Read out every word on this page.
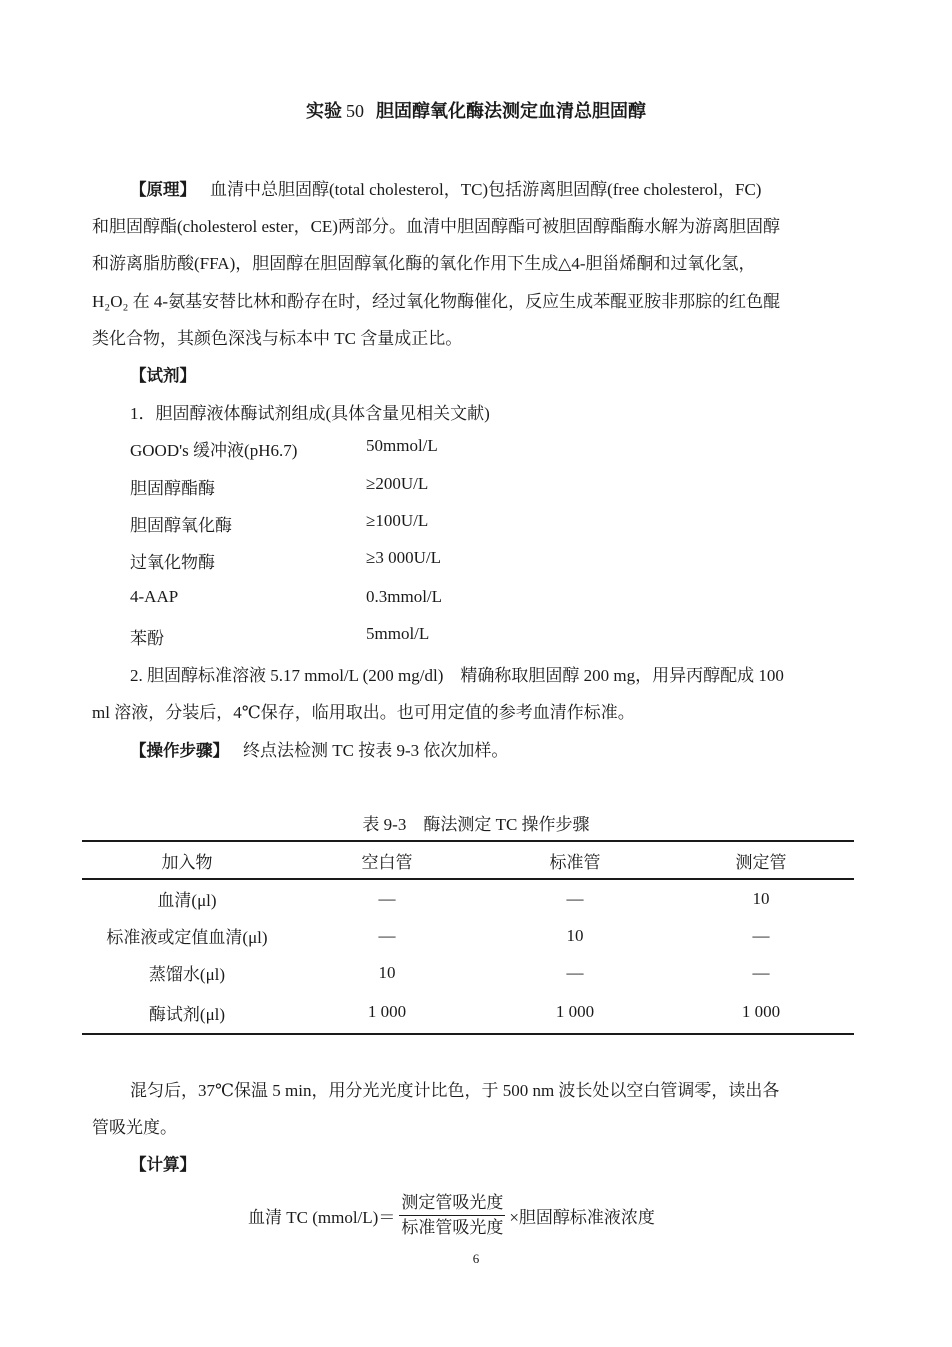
实验 50 胆固醇氧化酶法测定血清总胆固醇
【原理】 血清中总胆固醇(total cholesterol，TC)包括游离胆固醇(free cholesterol，FC)
和胆固醇酯(cholesterol ester，CE)两部分。血清中胆固醇酯可被胆固醇酯酶水解为游离胆固醇
和游离脂肪酸(FFA)，胆固醇在胆固醇氧化酶的氧化作用下生成△4-胆甾烯酮和过氧化氢，
H₂O₂ 在 4-氨基安替比林和酚存在时，经过氧化物酶催化，反应生成苯醌亚胺非那腙的红色醌
类化合物，其颜色深浅与标本中 TC 含量成正比。
【试剂】
1．胆固醇液体酶试剂组成(具体含量见相关文献)
GOOD's 缓冲液(pH6.7)	50mmol/L
胆固醇酯酶	≥200U/L
胆固醇氧化酶	≥100U/L
过氧化物酶	≥3 000U/L
4-AAP	0.3mmol/L
苯酚	5mmol/L
2. 胆固醇标准溶液 5.17 mmol/L (200 mg/dl)　精确称取胆固醇 200 mg，用异丙醇配成 100
ml 溶液，分装后，4℃保存，临用取出。也可用定值的参考血清作标准。
【操作步骤】 终点法检测 TC 按表 9-3 依次加样。
表 9-3　酶法测定 TC 操作步骤
加入物	空白管	标准管	测定管
血清(μl)	—	—	10
标准液或定值血清(μl)	—	10	—
蒸馏水(μl)	10	—	—
酶试剂(μl)	1 000	1 000	1 000
混匀后，37℃保温 5 min，用分光光度计比色，于 500 nm 波长处以空白管调零，读出各
管吸光度。
【计算】
血清 TC (mmol/L)＝ $\frac{\text{测定管吸光度}}{\text{标准管吸光度}}$ ×胆固醇标准液浓度
6
